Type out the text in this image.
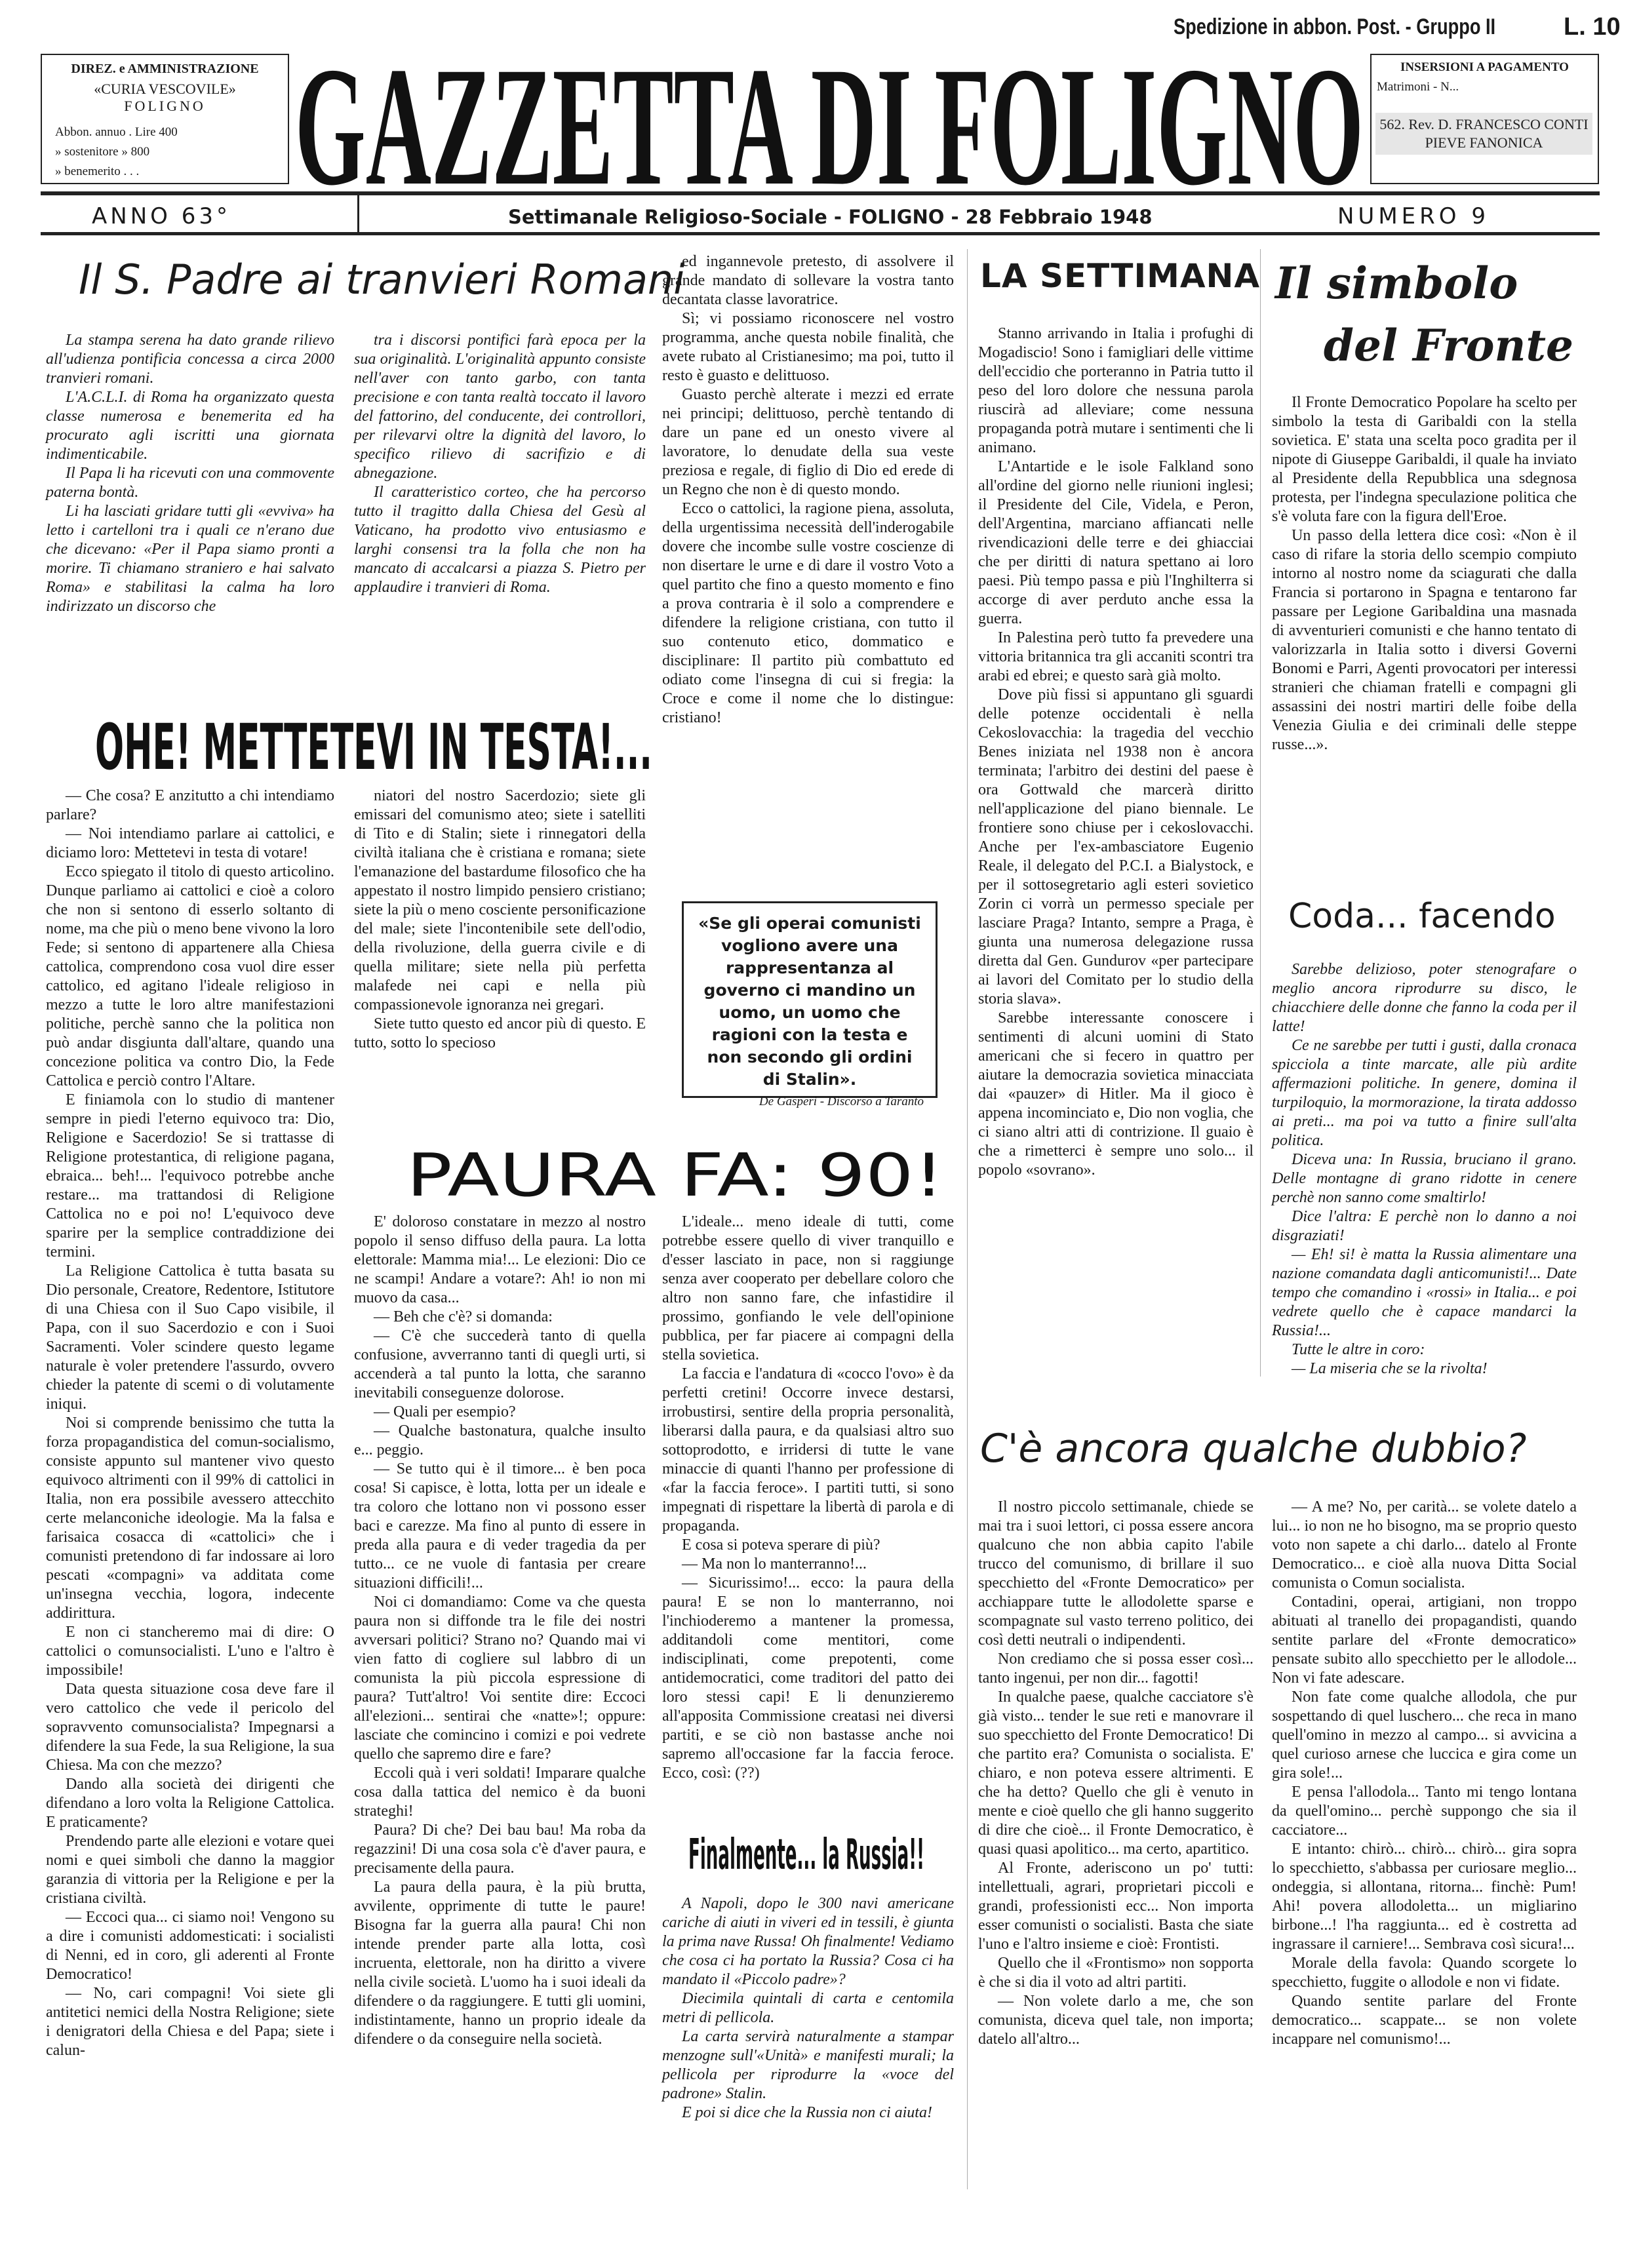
Spedizione in abbon. Post. - Gruppo II	L. 10
DIREZ. e AMMINISTRAZIONE
«CURIA VESCOVILE»
FOLIGNO
Abbon. annuo . Lire 400
» sostenitore » 800
» benemerito . . . GAZZETTA DI FOLIGNO	INSERSIONI A PAGAMENTO
Matrimoni - N...
562. Rev. D. FRANCESCO CONTI
PIEVE FANONICA
ANNO 63°	Settimanale Religioso-Sociale - FOLIGNO - 28 Febbraio 1948	NUMERO 9
Il S. Padre ai tranvieri Romani

La stampa serena ha dato grande rilievo all'udienza pontificia concessa a circa 2000 tranvieri romani.

L'A.C.L.I. di Roma ha organizzato questa classe numerosa e benemerita ed ha procurato agli iscritti una giornata indimenticabile.

Il Papa li ha ricevuti con una commovente paterna bontà.

Li ha lasciati gridare tutti gli «evviva» ha letto i cartelloni tra i quali ce n'erano due che dicevano: «Per il Papa siamo pronti a morire. Ti chiamano straniero e hai salvato Roma» e stabilitasi la calma ha loro indirizzato un discorso che

tra i discorsi pontifici farà epoca per la sua originalità. L'originalità appunto consiste nell'aver con tanto garbo, con tanta precisione e con tanta realtà toccato il lavoro del fattorino, del conducente, dei controllori, per rilevarvi oltre la dignità del lavoro, lo specifico rilievo di sacrifizio e di abnegazione.

Il caratteristico corteo, che ha percorso tutto il tragitto dalla Chiesa del Gesù al Vaticano, ha prodotto vivo entusiasmo e larghi consensi tra la folla che non ha mancato di accalcarsi a piazza S. Pietro per applaudire i tranvieri di Roma.

OHE! METTETEVI IN TESTA!...

— Che cosa? E anzitutto a chi intendiamo parlare?

— Noi intendiamo parlare ai cattolici, e diciamo loro: Mettetevi in testa di votare!

Ecco spiegato il titolo di questo articolino. Dunque parliamo ai cattolici e cioè a coloro che non si sentono di esserlo soltanto di nome, ma che più o meno bene vivono la loro Fede; si sentono di appartenere alla Chiesa cattolica, comprendono cosa vuol dire esser cattolico, ed agitano l'ideale religioso in mezzo a tutte le loro altre manifestazioni politiche, perchè sanno che la politica non può andar disgiunta dall'altare, quando una concezione politica va contro Dio, la Fede Cattolica e perciò contro l'Altare.

E finiamola con lo studio di mantener sempre in piedi l'eterno equivoco tra: Dio, Religione e Sacerdozio! Se si trattasse di Religione protestantica, di religione pagana, ebraica... beh!... l'equivoco potrebbe anche restare... ma trattandosi di Religione Cattolica no e poi no! L'equivoco deve sparire per la semplice contraddizione dei termini.

La Religione Cattolica è tutta basata su Dio personale, Creatore, Redentore, Istitutore di una Chiesa con il Suo Capo visibile, il Papa, con il suo Sacerdozio e con i Suoi Sacramenti. Voler scindere questo legame naturale è voler pretendere l'assurdo, ovvero chieder la patente di scemi o di volutamente iniqui.

Noi si comprende benissimo che tutta la forza propagandistica del comun-socialismo, consiste appunto sul mantener vivo questo equivoco altrimenti con il 99% di cattolici in Italia, non era possibile avessero attecchito certe melanconiche ideologie. Ma la falsa e farisaica cosacca di «cattolici» che i comunisti pretendono di far indossare ai loro pescati «compagni» va additata come un'insegna vecchia, logora, indecente addirittura.

E non ci stancheremo mai di dire: O cattolici o comunsocialisti. L'uno e l'altro è impossibile!

Data questa situazione cosa deve fare il vero cattolico che vede il pericolo del sopravvento comunsocialista? Impegnarsi a difendere la sua Fede, la sua Religione, la sua Chiesa. Ma con che mezzo?

Dando alla società dei dirigenti che difendano a loro volta la Religione Cattolica. E praticamente?

Prendendo parte alle elezioni e votare quei nomi e quei simboli che danno la maggior garanzia di vittoria per la Religione e per la cristiana civiltà.

— Eccoci qua... ci siamo noi! Vengono su a dire i comunisti addomesticati: i socialisti di Nenni, ed in coro, gli aderenti al Fronte Democratico!

— No, cari compagni! Voi siete gli antitetici nemici della Nostra Religione; siete i denigratori della Chiesa e del Papa; siete i calun-

niatori del nostro Sacerdozio; siete gli emissari del comunismo ateo; siete i satelliti di Tito e di Stalin; siete i rinnegatori della civiltà italiana che è cristiana e romana; siete l'emanazione del bastardume filosofico che ha appestato il nostro limpido pensiero cristiano; siete la più o meno cosciente personificazione del male; siete l'incontenibile sete dell'odio, della rivoluzione, della guerra civile e di quella militare; siete nella più perfetta malafede nei capi e nella più compassionevole ignoranza nei gregari.

Siete tutto questo ed ancor più di questo. E tutto, sotto lo specioso

ed ingannevole pretesto, di assolvere il grande mandato di sollevare la vostra tanto decantata classe lavoratrice.

Sì; vi possiamo riconoscere nel vostro programma, anche questa nobile finalità, che avete rubato al Cristianesimo; ma poi, tutto il resto è guasto e delittuoso.

Guasto perchè alterate i mezzi ed errate nei principi; delittuoso, perchè tentando di dare un pane ed un onesto vivere al lavoratore, lo denudate della sua veste preziosa e regale, di figlio di Dio ed erede di un Regno che non è di questo mondo.

Ecco o cattolici, la ragione piena, assoluta, della urgentissima necessità dell'inderogabile dovere che incombe sulle vostre coscienze di non disertare le urne e di dare il vostro Voto a quel partito che fino a questo momento e fino a prova contraria è il solo a comprendere e difendere la religione cristiana, con tutto il suo contenuto etico, dommatico e disciplinare: Il partito più combattuto ed odiato come l'insegna di cui si fregia: la Croce e come il nome che lo distingue: cristiano!

«Se gli operai comunisti vogliono avere una rappresentanza al governo ci mandino un uomo, un uomo che ragioni con la testa e non secondo gli ordini di Stalin».
De Gasperi - Discorso a Taranto
PAURA FA: 90!

E' doloroso constatare in mezzo al nostro popolo il senso diffuso della paura. La lotta elettorale: Mamma mia!... Le elezioni: Dio ce ne scampi! Andare a votare?: Ah! io non mi muovo da casa...

— Beh che c'è? si domanda:

— C'è che succederà tanto di quella confusione, avverranno tanti di quegli urti, si accenderà a tal punto la lotta, che saranno inevitabili conseguenze dolorose.

— Quali per esempio?

— Qualche bastonatura, qualche insulto e... peggio.

— Se tutto qui è il timore... è ben poca cosa! Si capisce, è lotta, lotta per un ideale e tra coloro che lottano non vi possono esser baci e carezze. Ma fino al punto di essere in preda alla paura e di veder tragedia da per tutto... ce ne vuole di fantasia per creare situazioni difficili!...

Noi ci domandiamo: Come va che questa paura non si diffonde tra le file dei nostri avversari politici? Strano no? Quando mai vi vien fatto di cogliere sul labbro di un comunista la più piccola espressione di paura? Tutt'altro! Voi sentite dire: Eccoci all'elezioni... sentirai che «natte»!; oppure: lasciate che comincino i comizi e poi vedrete quello che sapremo dire e fare?

Eccoli quà i veri soldati! Imparare qualche cosa dalla tattica del nemico è da buoni strateghi!

Paura? Di che? Dei bau bau! Ma roba da regazzini! Di una cosa sola c'è d'aver paura, e precisamente della paura.

La paura della paura, è la più brutta, avvilente, opprimente di tutte le paure! Bisogna far la guerra alla paura! Chi non intende prender parte alla lotta, così incruenta, elettorale, non ha diritto a vivere nella civile società. L'uomo ha i suoi ideali da difendere o da raggiungere. E tutti gli uomini, indistintamente, hanno un proprio ideale da difendere o da conseguire nella società.

L'ideale... meno ideale di tutti, come potrebbe essere quello di viver tranquillo e d'esser lasciato in pace, non si raggiunge senza aver cooperato per debellare coloro che altro non sanno fare, che infastidire il prossimo, gonfiando le vele dell'opinione pubblica, per far piacere ai compagni della stella sovietica.

La faccia e l'andatura di «cocco l'ovo» è da perfetti cretini! Occorre invece destarsi, irrobustirsi, sentire della propria personalità, liberarsi dalla paura, e da qualsiasi altro suo sottoprodotto, e irridersi di tutte le vane minaccie di quanti l'hanno per professione di «far la faccia feroce». I partiti tutti, si sono impegnati di rispettare la libertà di parola e di propaganda.

E cosa si poteva sperare di più?

— Ma non lo manterranno!...

— Sicurissimo!... ecco: la paura della paura! E se non lo manterranno, noi l'inchioderemo a mantener la promessa, additandoli come mentitori, come indisciplinati, come prepotenti, come antidemocratici, come traditori del patto dei loro stessi capi! E li denunzieremo all'apposita Commissione creatasi nei diversi partiti, e se ciò non bastasse anche noi sapremo all'occasione far la faccia feroce. Ecco, così: (??)

Finalmente... la Russia!!

A Napoli, dopo le 300 navi americane cariche di aiuti in viveri ed in tessili, è giunta la prima nave Russa! Oh finalmente! Vediamo che cosa ci ha portato la Russia? Cosa ci ha mandato il «Piccolo padre»?

Diecimila quintali di carta e centomila metri di pellicola.

La carta servirà naturalmente a stampar menzogne sull'«Unità» e manifesti murali; la pellicola per riprodurre la «voce del padrone» Stalin.

E poi si dice che la Russia non ci aiuta!

LA SETTIMANA

Stanno arrivando in Italia i profughi di Mogadiscio! Sono i famigliari delle vittime dell'eccidio che porteranno in Patria tutto il peso del loro dolore che nessuna parola riuscirà ad alleviare; come nessuna propaganda potrà mutare i sentimenti che li animano.

L'Antartide e le isole Falkland sono all'ordine del giorno nelle riunioni inglesi; il Presidente del Cile, Videla, e Peron, dell'Argentina, marciano affiancati nelle rivendicazioni delle terre e dei ghiacciai che per diritti di natura spettano ai loro paesi. Più tempo passa e più l'Inghilterra si accorge di aver perduto anche essa la guerra.

In Palestina però tutto fa prevedere una vittoria britannica tra gli accaniti scontri tra arabi ed ebrei; e questo sarà già molto.

Dove più fissi si appuntano gli sguardi delle potenze occidentali è nella Cekoslovacchia: la tragedia del vecchio Benes iniziata nel 1938 non è ancora terminata; l'arbitro dei destini del paese è ora Gottwald che marcerà diritto nell'applicazione del piano biennale. Le frontiere sono chiuse per i cekoslovacchi. Anche per l'ex-ambasciatore Eugenio Reale, il delegato del P.C.I. a Bialystock, e per il sottosegretario agli esteri sovietico Zorin ci vorrà un permesso speciale per lasciare Praga? Intanto, sempre a Praga, è giunta una numerosa delegazione russa diretta dal Gen. Gundurov «per partecipare ai lavori del Comitato per lo studio della storia slava».

Sarebbe interessante conoscere i sentimenti di alcuni uomini di Stato americani che si fecero in quattro per aiutare la democrazia sovietica minacciata dai «pauzer» di Hitler. Ma il gioco è appena incominciato e, Dio non voglia, che ci siano altri atti di contrizione. Il guaio è che a rimetterci è sempre uno solo... il popolo «sovrano».

Il simbolo
del Fronte

Il Fronte Democratico Popolare ha scelto per simbolo la testa di Garibaldi con la stella sovietica. E' stata una scelta poco gradita per il nipote di Giuseppe Garibaldi, il quale ha inviato al Presidente della Repubblica una sdegnosa protesta, per l'indegna speculazione politica che s'è voluta fare con la figura dell'Eroe.

Un passo della lettera dice così: «Non è il caso di rifare la storia dello scempio compiuto intorno al nostro nome da sciagurati che dalla Francia si portarono in Spagna e tentarono far passare per Legione Garibaldina una masnada di avventurieri comunisti e che hanno tentato di valorizzarla in Italia sotto i diversi Governi Bonomi e Parri, Agenti provocatori per interessi stranieri che chiaman fratelli e compagni gli assassini dei nostri martiri delle foibe della Venezia Giulia e dei criminali delle steppe russe...».

Coda... facendo

Sarebbe delizioso, poter stenografare o meglio ancora riprodurre su disco, le chiacchiere delle donne che fanno la coda per il latte!

Ce ne sarebbe per tutti i gusti, dalla cronaca spicciola a tinte marcate, alle più ardite affermazioni politiche. In genere, domina il turpiloquio, la mormorazione, la tirata addosso ai preti... ma poi va tutto a finire sull'alta politica.

Diceva una: In Russia, bruciano il grano. Delle montagne di grano ridotte in cenere perchè non sanno come smaltirlo!

Dice l'altra: E perchè non lo danno a noi disgraziati!

— Eh! si! è matta la Russia alimentare una nazione comandata dagli anticomunisti!... Date tempo che comandino i «rossi» in Italia... e poi vedrete quello che è capace mandarci la Russia!...

Tutte le altre in coro:

— La miseria che se la rivolta!

C'è ancora qualche dubbio?

Il nostro piccolo settimanale, chiede se mai tra i suoi lettori, ci possa essere ancora qualcuno che non abbia capito l'abile trucco del comunismo, di brillare il suo specchietto del «Fronte Democratico» per acchiappare tutte le allodolette sparse e scompagnate sul vasto terreno politico, dei così detti neutrali o indipendenti.

Non crediamo che si possa esser così... tanto ingenui, per non dir... fagotti!

In qualche paese, qualche cacciatore s'è già visto... tender le sue reti e manovrare il suo specchietto del Fronte Democratico! Di che partito era? Comunista o socialista. E' chiaro, e non poteva essere altrimenti. E che ha detto? Quello che gli è venuto in mente e cioè quello che gli hanno suggerito di dire che cioè... il Fronte Democratico, è quasi quasi apolitico... ma certo, apartitico.

Al Fronte, aderiscono un po' tutti: intellettuali, agrari, proprietari piccoli e grandi, professionisti ecc... Non importa esser comunisti o socialisti. Basta che siate l'uno e l'altro insieme e cioè: Frontisti.

Quello che il «Frontismo» non sopporta è che si dia il voto ad altri partiti.

— Non volete darlo a me, che son comunista, diceva quel tale, non importa; datelo all'altro...

— A me? No, per carità... se volete datelo a lui... io non ne ho bisogno, ma se proprio questo voto non sapete a chi darlo... datelo al Fronte Democratico... e cioè alla nuova Ditta Social comunista o Comun socialista.

Contadini, operai, artigiani, non troppo abituati al tranello dei propagandisti, quando sentite parlare del «Fronte democratico» pensate subito allo specchietto per le allodole... Non vi fate adescare.

Non fate come qualche allodola, che pur sospettando di quel luschero... che reca in mano quell'omino in mezzo al campo... si avvicina a quel curioso arnese che luccica e gira come un gira sole!...

E pensa l'allodola... Tanto mi tengo lontana da quell'omino... perchè suppongo che sia il cacciatore...

E intanto: chirò... chirò... chirò... gira sopra lo specchietto, s'abbassa per curiosare meglio... ondeggia, si allontana, ritorna... finchè: Pum! Ahi! povera allodoletta... un migliarino birbone...! l'ha raggiunta... ed è costretta ad ingrassare il carniere!... Sembrava così sicura!...

Morale della favola: Quando scorgete lo specchietto, fuggite o allodole e non vi fidate.

Quando sentite parlare del Fronte democratico... scappate... se non volete incappare nel comunismo!...
